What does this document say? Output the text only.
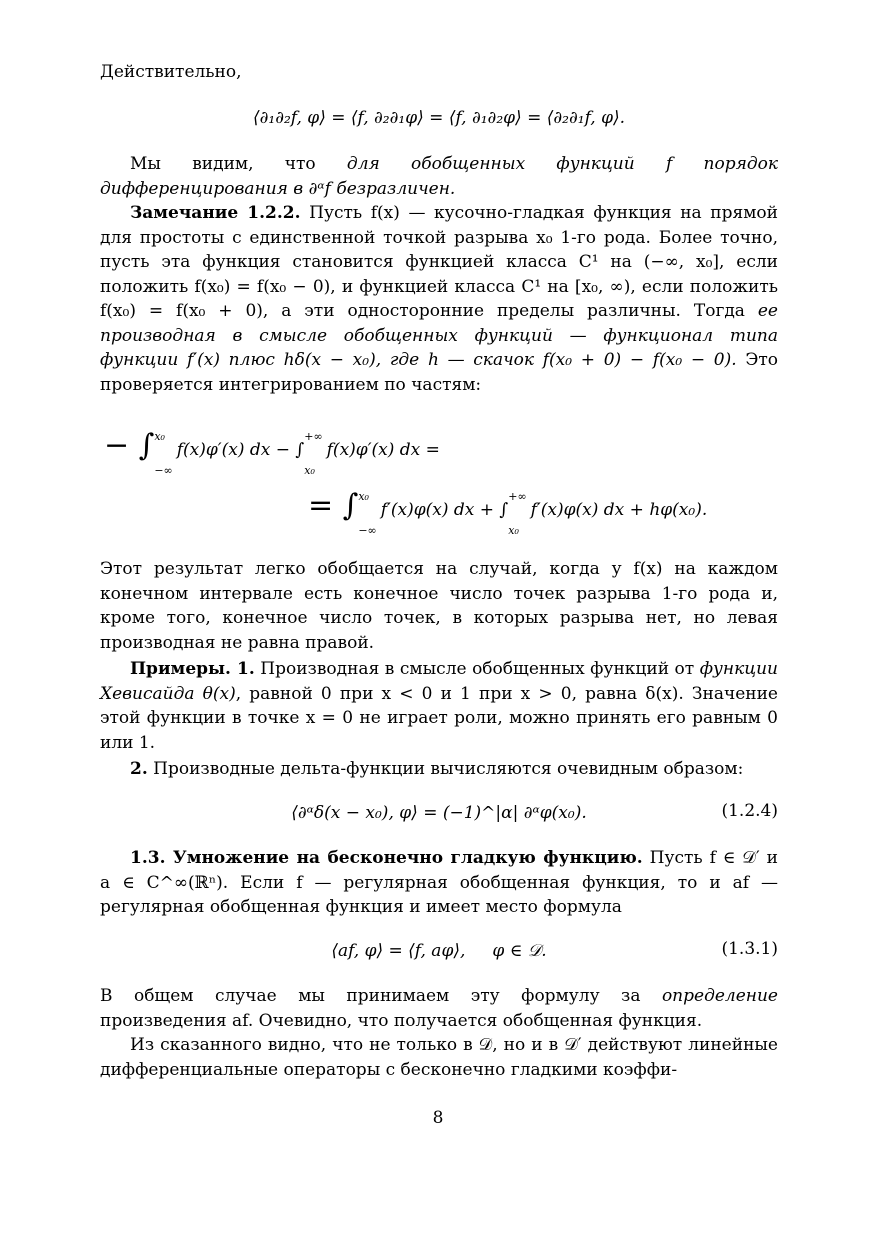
Действительно,

⟨∂₁∂₂f, φ⟩ = ⟨f, ∂₂∂₁φ⟩ = ⟨f, ∂₁∂₂φ⟩ = ⟨∂₂∂₁f, φ⟩.

Мы видим, что для обобщенных функций f порядок дифференцирования в ∂ᵅf безразличен.

Замечание 1.2.2. Пусть f(x) — кусочно-гладкая функция на прямой для простоты с единственной точкой разрыва x₀ 1-го рода. Более точно, пусть эта функция становится функцией класса C¹ на (−∞, x₀], если положить f(x₀) = f(x₀ − 0), и функцией класса C¹ на [x₀, ∞), если положить f(x₀) = f(x₀ + 0), а эти односторонние пределы различны. Тогда ее производная в смысле обобщенных функций — функционал типа функции f′(x) плюс hδ(x − x₀), где h — скачок f(x₀ + 0) − f(x₀ − 0). Это проверяется интегрированием по частям:

− ∫ x₀
−∞
f(x)φ′(x) dx − ∫
+∞
x₀
f(x)φ′(x) dx =
= ∫ x₀
−∞
f′(x)φ(x) dx + ∫
+∞
x₀
f′(x)φ(x) dx + hφ(x₀).

Этот результат легко обобщается на случай, когда у f(x) на каждом конечном интервале есть конечное число точек разрыва 1-го рода и, кроме того, конечное число точек, в которых разрыва нет, но левая производная не равна правой.

Примеры. 1. Производная в смысле обобщенных функций от функции Хевисайда θ(x), равной 0 при x < 0 и 1 при x > 0, равна δ(x). Значение этой функции в точке x = 0 не играет роли, можно принять его равным 0 или 1.

2. Производные дельта-функции вычисляются очевидным образом:

⟨∂ᵅδ(x − x₀), φ⟩ = (−1)^|α| ∂ᵅφ(x₀).	(1.2.4)

1.3. Умножение на бесконечно гладкую функцию. Пусть f ∈ 𝒟′ и a ∈ C^∞(ℝⁿ). Если f — регулярная обобщенная функция, то и af — регулярная обобщенная функция и имеет место формула

⟨af, φ⟩ = ⟨f, aφ⟩,     φ ∈ 𝒟.	(1.3.1)

В общем случае мы принимаем эту формулу за определение произведения af. Очевидно, что получается обобщенная функция.

Из сказанного видно, что не только в 𝒟, но и в 𝒟′ действуют линейные дифференциальные операторы с бесконечно гладкими коэффи-

8
